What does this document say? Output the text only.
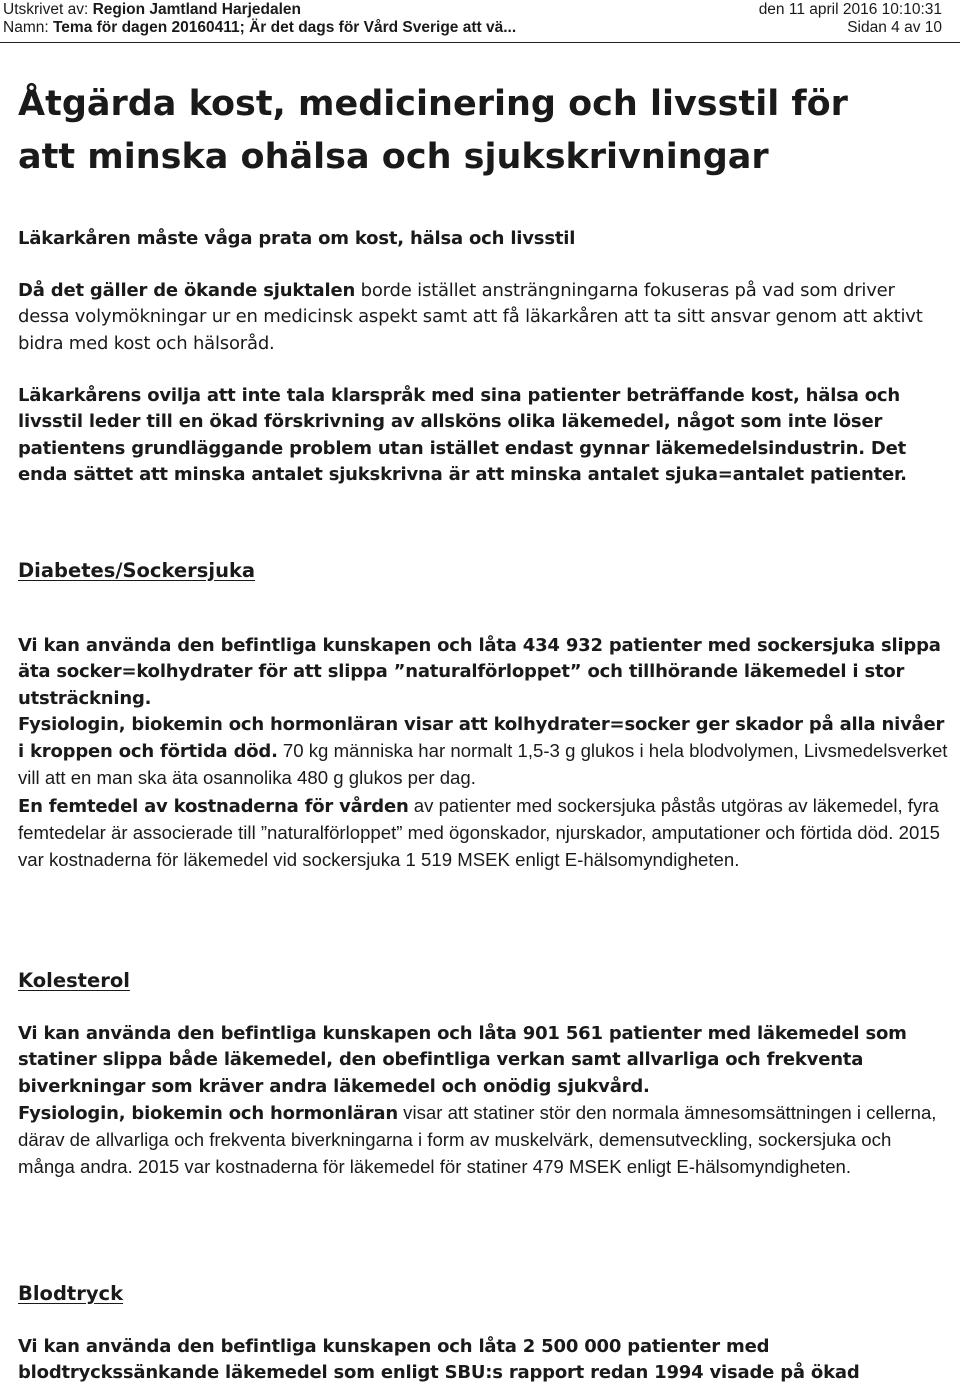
Utskrivet av: Region Jamtland Harjedalen	den 11 april 2016 10:10:31
Namn: Tema för dagen 20160411; Är det dags för Vård Sverige att vä...	Sidan 4 av 10
Åtgärda kost, medicinering och livsstil för
att minska ohälsa och sjukskrivningar

Läkarkåren måste våga prata om kost, hälsa och livsstil

Då det gäller de ökande sjuktalen borde istället ansträngningarna fokuseras på vad som driver dessa volymökningar ur en medicinsk aspekt samt att få läkarkåren att ta sitt ansvar genom att aktivt bidra med kost och hälsoråd.

Läkarkårens ovilja att inte tala klarspråk med sina patienter beträffande kost, hälsa och livsstil leder till en ökad förskrivning av allsköns olika läkemedel, något som inte löser patientens grundläggande problem utan istället endast gynnar läkemedelsindustrin. Det enda sättet att minska antalet sjukskrivna är att minska antalet sjuka=antalet patienter.

Diabetes/Sockersjuka

Vi kan använda den befintliga kunskapen och låta 434 932 patienter med sockersjuka slippa äta socker=kolhydrater för att slippa ”naturalförloppet” och tillhörande läkemedel i stor utsträckning.
Fysiologin, biokemin och hormonläran visar att kolhydrater=socker ger skador på alla nivåer i kroppen och förtida död. 70 kg människa har normalt 1,5-3 g glukos i hela blodvolymen, Livsmedelsverket vill att en man ska äta osannolika 480 g glukos per dag.
En femtedel av kostnaderna för vården av patienter med sockersjuka påstås utgöras av läkemedel, fyra femtedelar är associerade till ”naturalförloppet” med ögonskador, njurskador, amputationer och förtida död. 2015 var kostnaderna för läkemedel vid sockersjuka 1 519 MSEK enligt E-hälsomyndigheten.

Kolesterol

Vi kan använda den befintliga kunskapen och låta 901 561 patienter med läkemedel som statiner slippa både läkemedel, den obefintliga verkan samt allvarliga och frekventa biverkningar som kräver andra läkemedel och onödig sjukvård.
Fysiologin, biokemin och hormonläran visar att statiner stör den normala ämnesomsättningen i cellerna, därav de allvarliga och frekventa biverkningarna i form av muskelvärk, demensutveckling, sockersjuka och många andra. 2015 var kostnaderna för läkemedel för statiner 479 MSEK enligt E-hälsomyndigheten.

Blodtryck

Vi kan använda den befintliga kunskapen och låta 2 500 000 patienter med blodtryckssänkande läkemedel som enligt SBU:s rapport redan 1994 visade på ökad
